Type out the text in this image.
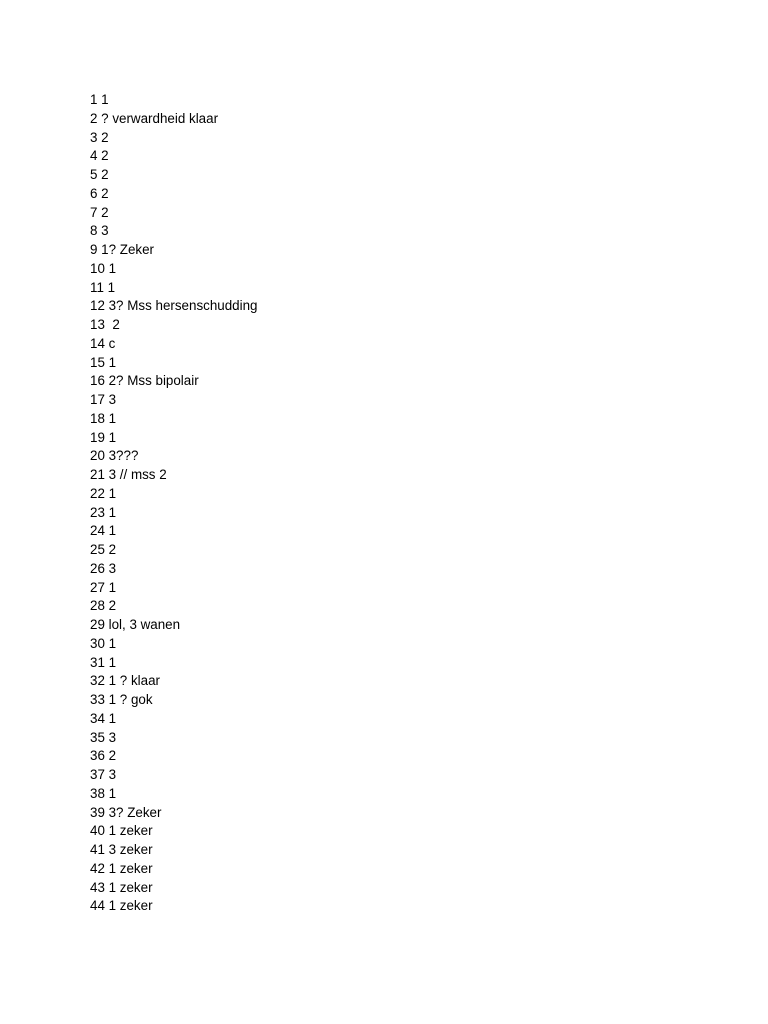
1 1
2 ? verwardheid klaar
3 2
4 2
5 2
6 2
7 2
8 3
9 1? Zeker
10 1
11 1
12 3? Mss hersenschudding
13  2
14 c
15 1
16 2? Mss bipolair
17 3
18 1
19 1
20 3???
21 3 // mss 2
22 1
23 1
24 1
25 2
26 3
27 1
28 2
29 lol, 3 wanen
30 1
31 1
32 1 ? klaar
33 1 ? gok
34 1
35 3
36 2
37 3
38 1
39 3? Zeker
40 1 zeker
41 3 zeker
42 1 zeker
43 1 zeker
44 1 zeker
